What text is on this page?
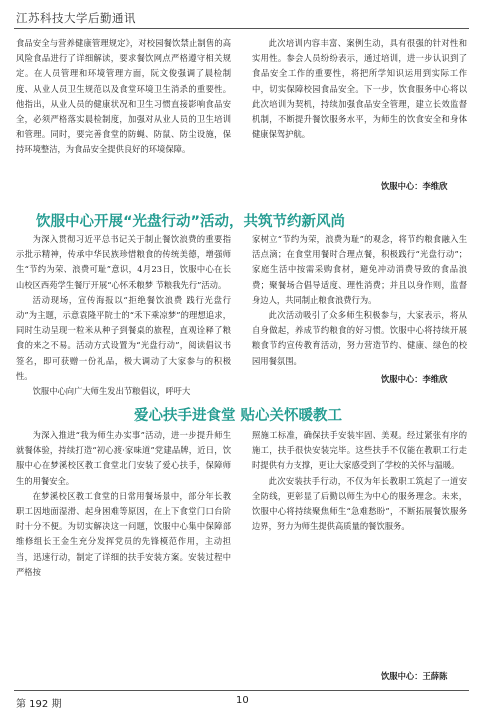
江苏科技大学后勤通讯

食品安全与营养健康管理规定》，对校园餐饮禁止制售的高风险食品进行了详细解读，要求餐饮网点严格遵守相关规定。在人员管理和环境管理方面，阮文俊强调了晨检制度、从业人员卫生规范以及食堂环境卫生消杀的重要性。他指出，从业人员的健康状况和卫生习惯直接影响食品安全，必须严格落实晨检制度，加强对从业人员的卫生培训和管理。同时，要完善食堂的防蝇、防鼠、防尘设施，保持环境整洁，为食品安全提供良好的环境保障。

此次培训内容丰富、案例生动，具有很强的针对性和实用性。参会人员纷纷表示，通过培训，进一步认识到了食品安全工作的重要性，将把所学知识运用到实际工作中，切实保障校园食品安全。下一步，饮食服务中心将以此次培训为契机，持续加强食品安全管理，建立长效监督机制，不断提升餐饮服务水平，为师生的饮食安全和身体健康保驾护航。

饮服中心：李维欣
饮服中心开展“光盘行动”活动，共筑节约新风尚

为深入贯彻习近平总书记关于制止餐饮浪费的重要指示批示精神，传承中华民族珍惜粮食的传统美德，增强师生“节约为荣、浪费可耻”意识，4月23日，饮服中心在长山校区西苑学生餐厅开展“心怀禾粮梦 节粮我先行”活动。

活动现场，宣传海报以“拒绝餐饮浪费 践行光盘行动”为主题，示意袁隆平院士的“禾下乘凉梦”的理想追求，同时生动呈现一粒米从种子到餐桌的旅程，直观诠释了粮食的来之不易。活动方式设置为“光盘行动”，阅读倡议书签名，即可获赠一份礼品，极大调动了大家参与的积极性。

饮服中心向广大师生发出节粮倡议，呼吁大

家树立“节约为荣，浪费为耻”的观念，将节约粮食融入生活点滴；在食堂用餐时合理点餐，积极践行“光盘行动”；家庭生活中按需采购食材，避免冲动消费导致的食品浪费；聚餐场合倡导适度、理性消费；并且以身作则，监督身边人，共同制止粮食浪费行为。

此次活动吸引了众多师生积极参与，大家表示，将从自身做起，养成节约粮食的好习惯。饮服中心将持续开展粮食节约宣传教育活动，努力营造节约、健康、绿色的校园用餐氛围。

饮服中心：李维欣
爱心扶手进食堂 贴心关怀暖教工

为深入推进“我为师生办实事”活动，进一步提升师生就餐体验，持续打造“初心渡·家味道”党建品牌，近日，饮服中心在梦溪校区教工食堂北门安装了爱心扶手，保障师生的用餐安全。

在梦溪校区教工食堂的日常用餐场景中，部分年长教职工因地面湿滑、起身困难等原因，在上下食堂门口台阶时十分不便。为切实解决这一问题，饮服中心集中保障部维修组长王金生充分发挥党员的先锋模范作用，主动担当，迅速行动，制定了详细的扶手安装方案。安装过程中严格按

照施工标准，确保扶手安装牢固、美观。经过紧张有序的施工，扶手很快安装完毕。这些扶手不仅能在教职工行走时提供有力支撑，更让大家感受到了学校的关怀与温暖。

此次安装扶手行动，不仅为年长教职工筑起了一道安全防线，更彰显了后勤以师生为中心的服务理念。未来，饮服中心将持续聚焦师生“急难愁盼”，不断拓展餐饮服务边界，努力为师生提供高质量的餐饮服务。

饮服中心：王薛陈
第 192 期	10
